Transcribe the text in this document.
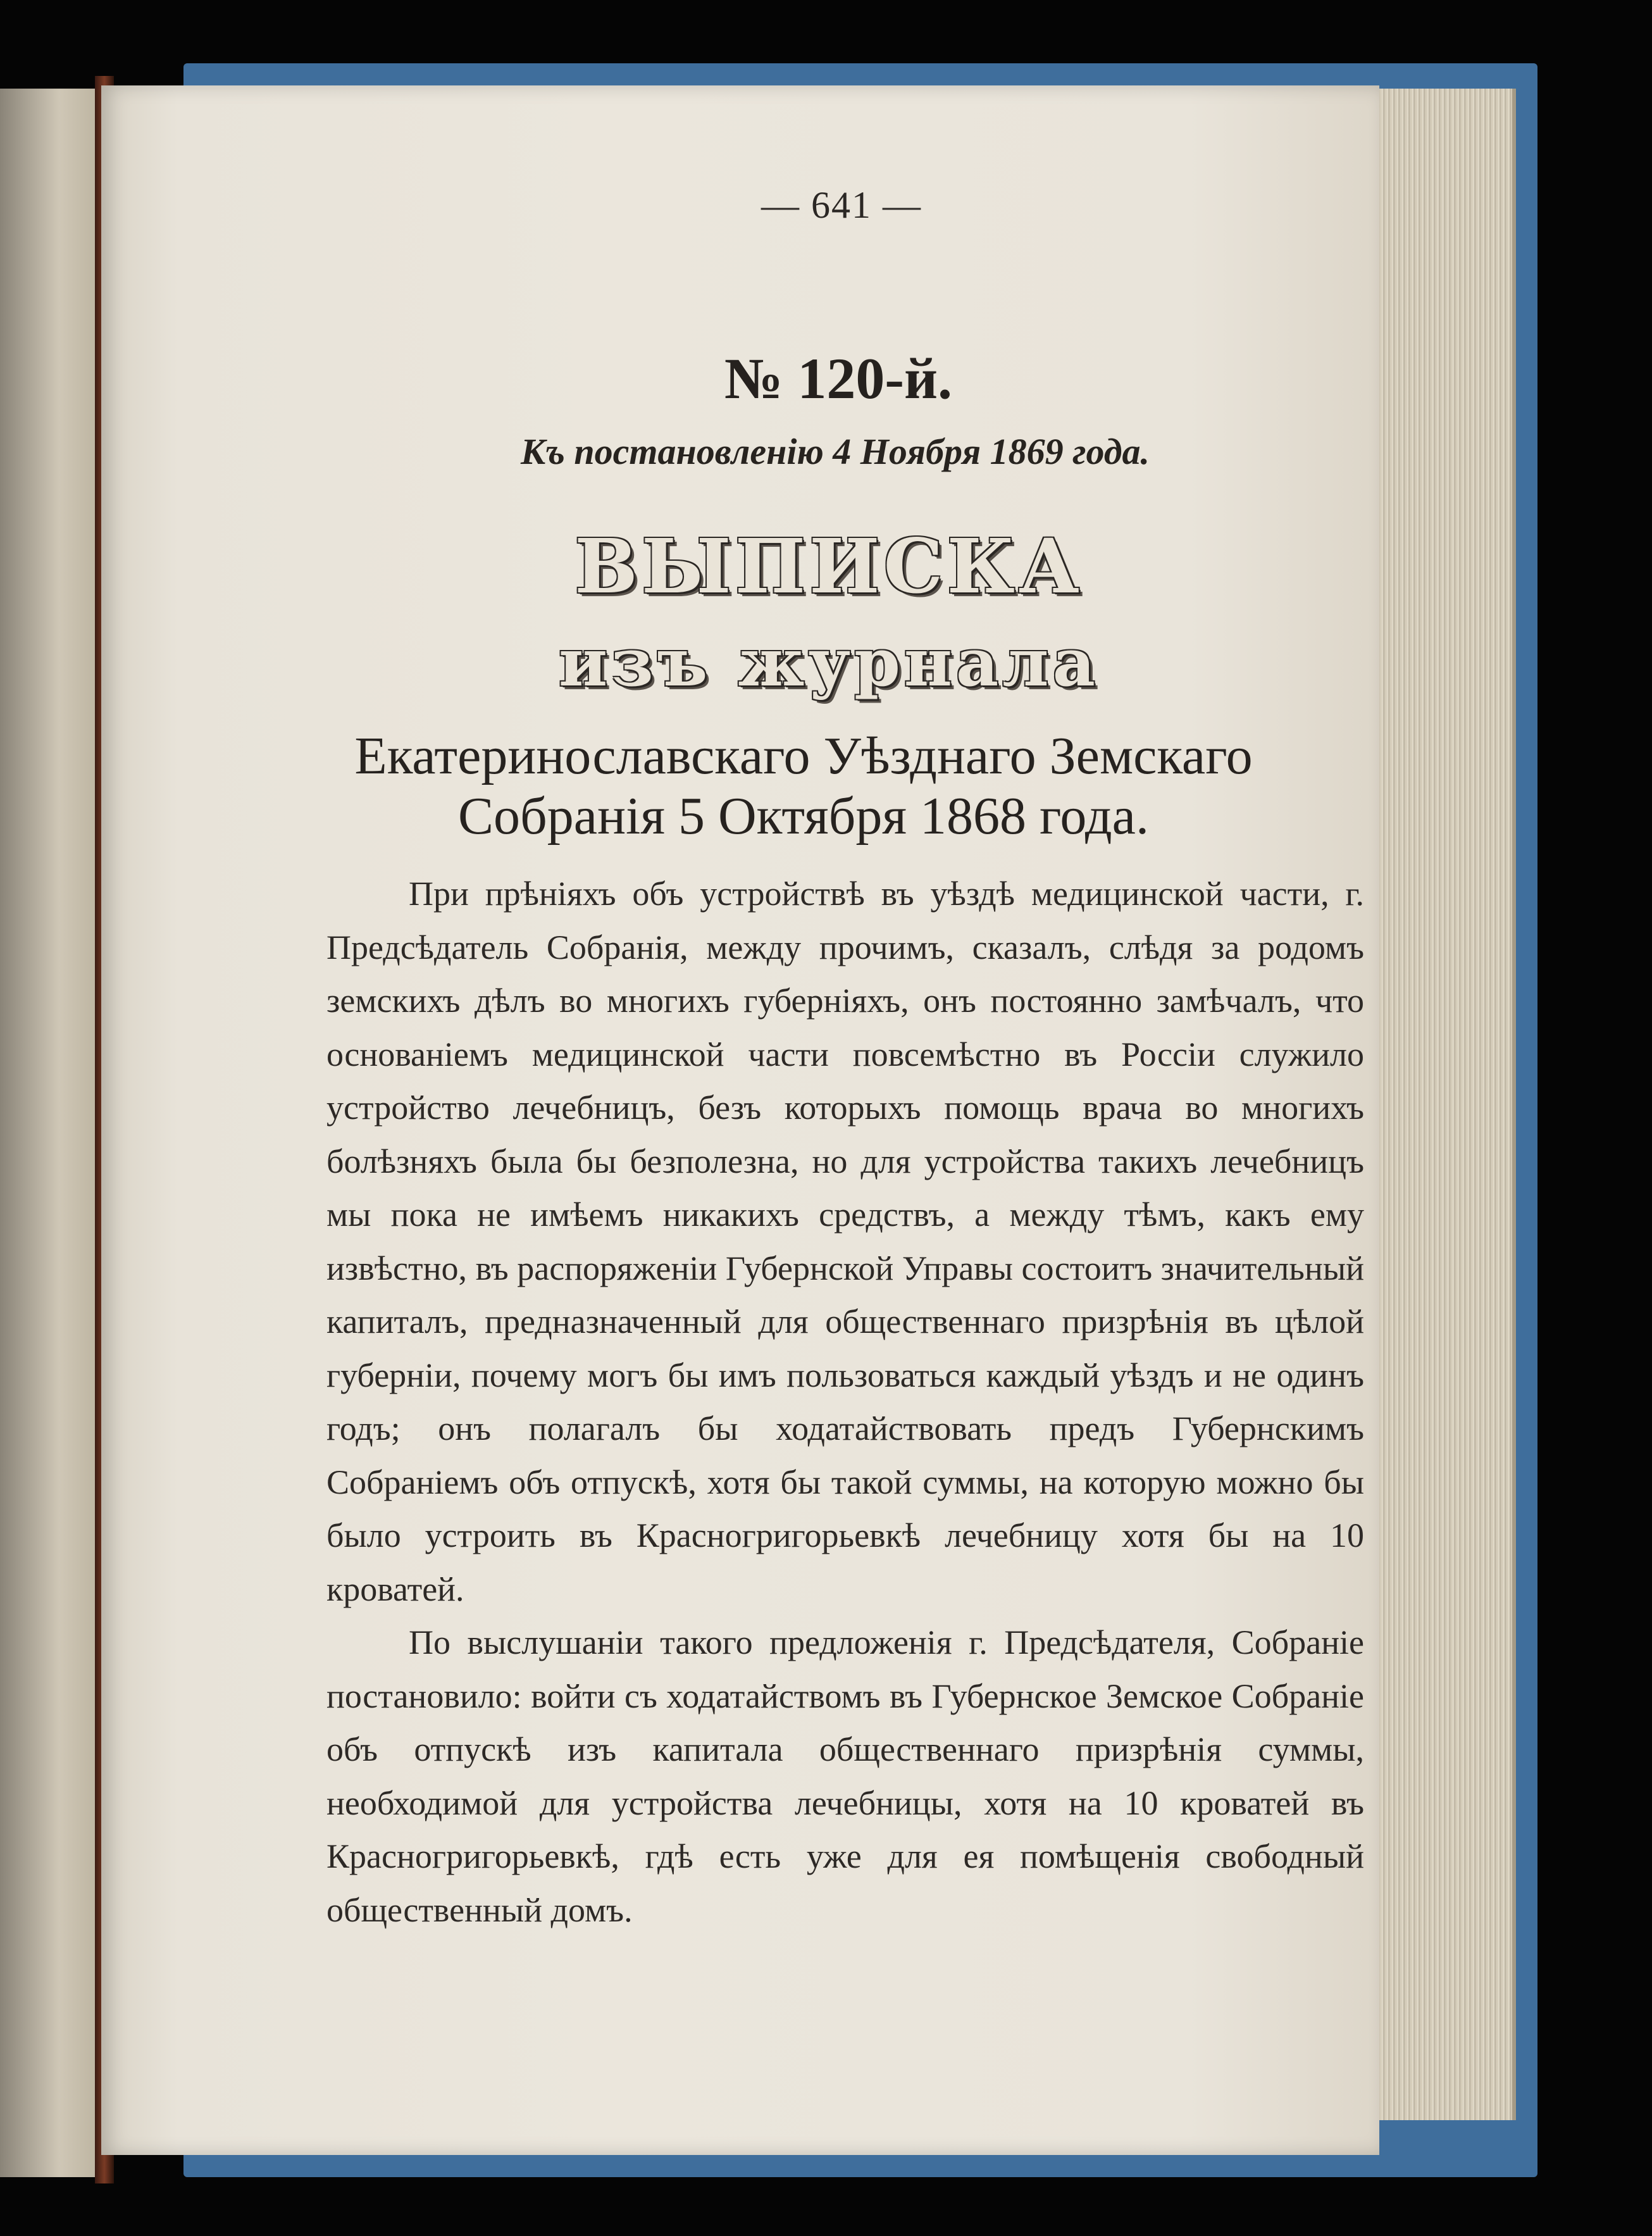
— 641 —
№ 120-й.
Къ постановленію 4 Ноября 1869 года.
ВЫПИСКА
изъ журнала
Екатеринославскаго Уѣзднаго Земскаго
Собранія 5 Октября 1868 года.

При прѣніяхъ объ устройствѣ въ уѣздѣ медицинской части, г. Предсѣдатель Собранія, между прочимъ, сказалъ, слѣдя за родомъ земскихъ дѣлъ во многихъ губерніяхъ, онъ постоянно замѣчалъ, что основаніемъ медицинской части повсемѣстно въ Россіи служило устройство лечебницъ, безъ которыхъ помощь врача во многихъ болѣзняхъ была бы безполезна, но для устройства такихъ лечебницъ мы пока не имѣемъ никакихъ средствъ, а между тѣмъ, какъ ему извѣстно, въ распоряженіи Губернской Управы состоитъ значительный капиталъ, предназначенный для общественнаго призрѣнія въ цѣлой губерніи, почему могъ бы имъ пользоваться каждый уѣздъ и не одинъ годъ; онъ полагалъ бы ходатайствовать предъ Губернскимъ Собраніемъ объ отпускѣ, хотя бы такой суммы, на которую можно бы было устроить въ Красногригорьевкѣ лечебницу хотя бы на 10 кроватей.

По выслушаніи такого предложенія г. Предсѣдателя, Собраніе постановило: войти съ ходатайствомъ въ Губернское Земское Собраніе объ отпускѣ изъ капитала общественнаго призрѣнія суммы, необходимой для устройства лечебницы, хотя на 10 кроватей въ Красногригорьевкѣ, гдѣ есть уже для ея помѣщенія свободный общественный домъ.
